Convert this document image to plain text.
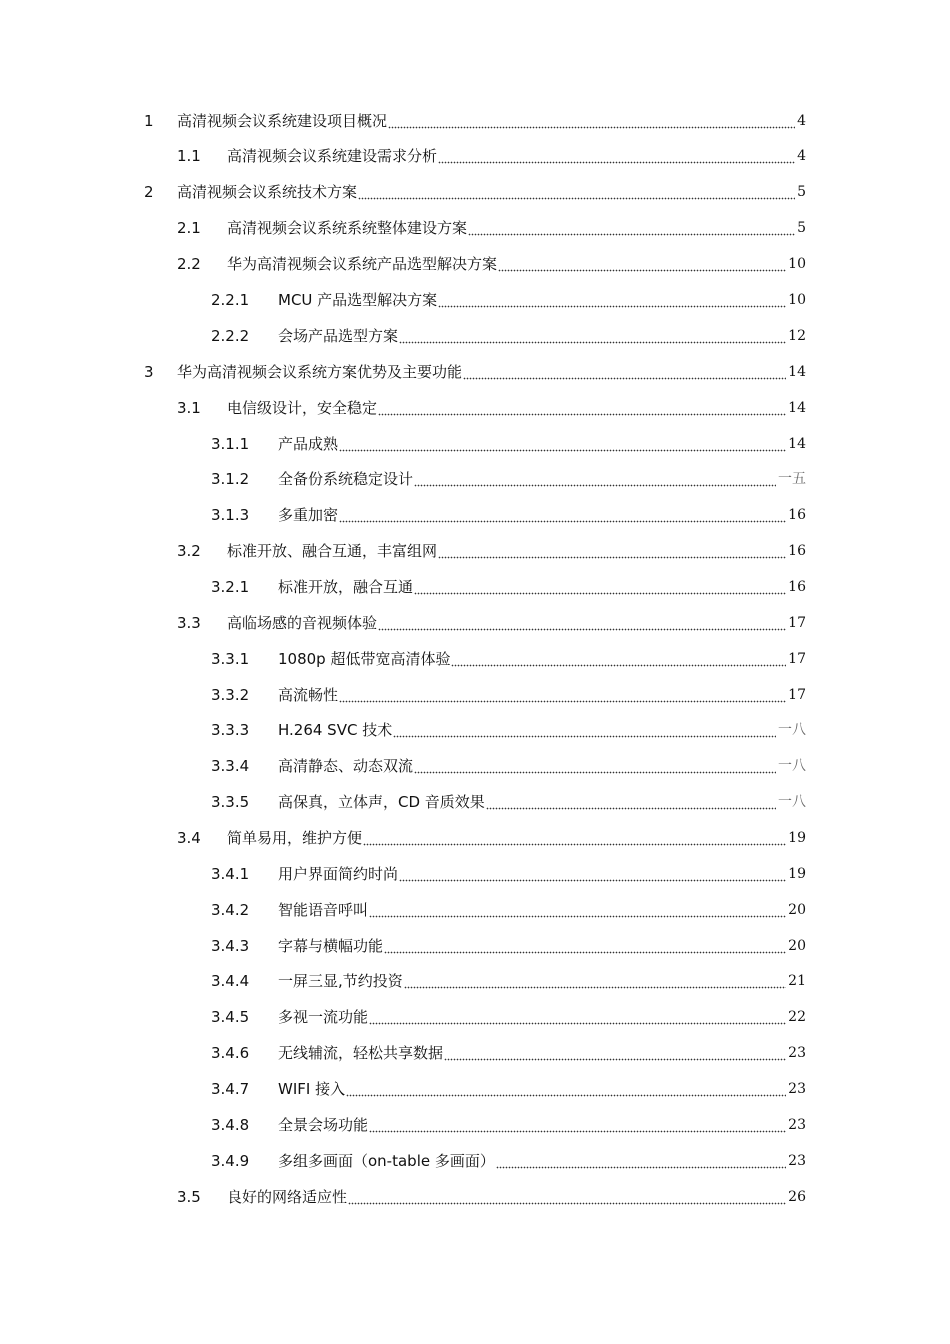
1 高清视频会议系统建设项目概况	4
1.1 高清视频会议系统建设需求分析	4
2 高清视频会议系统技术方案	5
2.1 高清视频会议系统系统整体建设方案	5
2.2 华为高清视频会议系统产品选型解决方案	10
2.2.1 MCU 产品选型解决方案	10
2.2.2 会场产品选型方案	12
3 华为高清视频会议系统方案优势及主要功能	14
3.1 电信级设计，安全稳定	14
3.1.1 产品成熟	14
3.1.2 全备份系统稳定设计	一五
3.1.3 多重加密	16
3.2 标准开放、融合互通，丰富组网	16
3.2.1 标准开放，融合互通	16
3.3 高临场感的音视频体验	17
3.3.1 1080p 超低带宽高清体验	17
3.3.2 高流畅性	17
3.3.3 H.264 SVC 技术	一八
3.3.4 高清静态、动态双流	一八
3.3.5 高保真，立体声，CD 音质效果	一八
3.4 简单易用，维护方便	19
3.4.1 用户界面简约时尚	19
3.4.2 智能语音呼叫	20
3.4.3 字幕与横幅功能	20
3.4.4 一屏三显,节约投资	21
3.4.5 多视一流功能	22
3.4.6 无线辅流，轻松共享数据	23
3.4.7 WIFI 接入	23
3.4.8 全景会场功能	23
3.4.9 多组多画面（on-table 多画面）	23
3.5 良好的网络适应性	26
